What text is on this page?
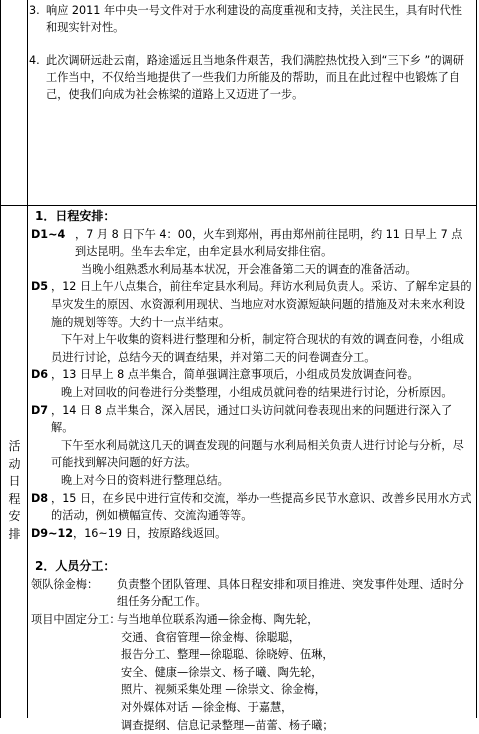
3. 响应 2011 年中央一号文件对于水利建设的高度重视和支持，关注民生，具有时代性和现实针对性。

4. 此次调研远赴云南，路途遥远且当地条件艰苦，我们满腔热忱投入到“三下乡 ”的调研工作当中，不仅给当地提供了一些我们力所能及的帮助，而且在此过程中也锻炼了自己，使我们向成为社会栋梁的道路上又迈进了一步。

活
动
日
程
安
排
1．日程安排：
D1~4 ，7 月 8 日下午 4：00，火车到郑州，再由郑州前往昆明，约 11 日早上 7 点到达昆明。坐车去牟定，由牟定县水利局安排住宿。
当晚小组熟悉水利局基本状况，开会准备第二天的调查的准备活动。
D5 ，12 日上午八点集合，前往牟定县水利局。拜访水利局负责人。采访、了解牟定县的旱灾发生的原因、水资源利用现状、当地应对水资源短缺问题的措施及对未来水利设施的规划等等。大约十一点半结束。
下午对上午收集的资料进行整理和分析，制定符合现状的有效的调查问卷，小组成员进行讨论，总结今天的调查结果，并对第二天的问卷调查分工。
D6 ，13 日早上 8 点半集合，简单强调注意事项后，小组成员发放调查问卷。
晚上对回收的问卷进行分类整理，小组成员就问卷的结果进行讨论，分析原因。
D7 ，14 日 8 点半集合，深入居民，通过口头访问就问卷表现出来的问题进行深入了解。
下午至水利局就这几天的调查发现的问题与水利局相关负责人进行讨论与分析，尽可能找到解决问题的好方法。
晚上对今日的资料进行整理总结。
D8 ，15 日，在乡民中进行宣传和交流，举办一些提高乡民节水意识、改善乡民用水方式的活动，例如横幅宣传、交流沟通等等。
D9~12 ，16~19 日，按原路线返回。
2．人员分工：
领队徐金梅： 负责整个团队管理、具体日程安排和项目推进、突发事件处理、适时分组任务分配工作。
项目中固定分工：
与当地单位联系沟通—徐金梅、陶先轮，
交通、食宿管理—徐金梅、徐聪聪，
报告分工、整理—徐聪聪、徐晓婷、伍琳，
安全、健康—徐崇文、杨子曦、陶先轮，
照片、视频采集处理 —徐崇文、徐金梅，
对外媒体对话 —徐金梅、于嘉慧，
调查提纲、信息记录整理—苗蕾、杨子曦；
